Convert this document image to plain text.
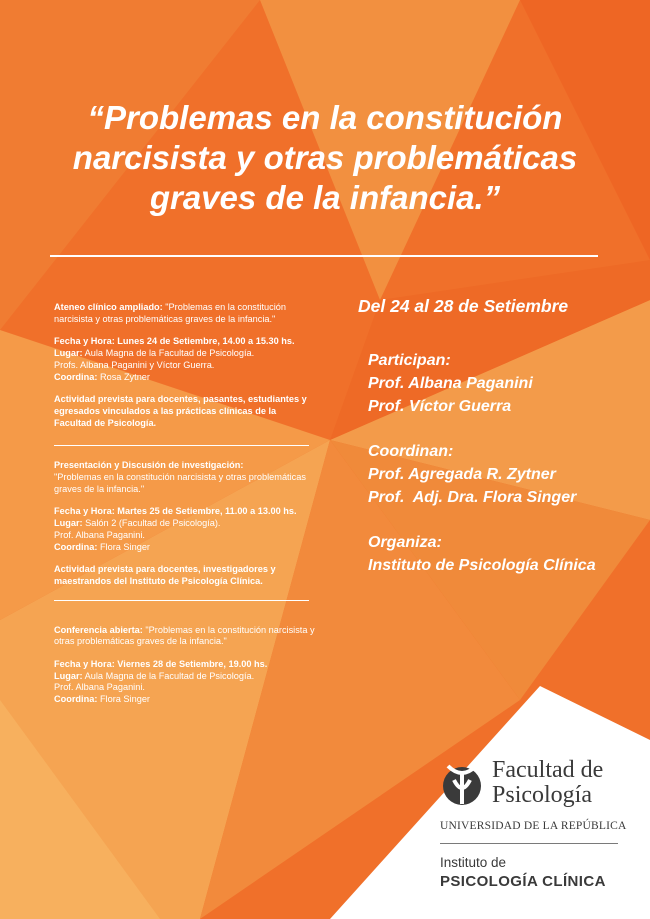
“Problemas en la constitución
narcisista y otras problemáticas
graves de la infancia.”

Ateneo clínico ampliado: "Problemas en la constitución narcisista y otras problemáticas graves de la infancia."

Fecha y Hora: Lunes 24 de Setiembre, 14.00 a 15.30 hs.

Lugar: Aula Magna de la Facultad de Psicología.

Profs. Albana Paganini y Víctor Guerra.

Coordina: Rosa Zytner

Actividad prevista para docentes, pasantes, estudiantes y egresados vinculados a las prácticas clínicas de la Facultad de Psicología.

Presentación y Discusión de investigación:

"Problemas en la constitución narcisista y otras problemáticas graves de la infancia."

Fecha y Hora: Martes 25 de Setiembre, 11.00 a 13.00 hs.

Lugar: Salón 2 (Facultad de Psicología).

Prof. Albana Paganini.

Coordina: Flora Singer

Actividad prevista para docentes, investigadores y maestrandos del Instituto de Psicología Clínica.

Conferencia abierta: "Problemas en la constitución narcisista y otras problemáticas graves de la infancia."

Fecha y Hora: Viernes 28 de Setiembre, 19.00 hs.

Lugar: Aula Magna de la Facultad de Psicología.

Prof. Albana Paganini.

Coordina: Flora Singer

Del 24 al 28 de Setiembre

Participan:

Prof. Albana Paganini

Prof. Víctor Guerra

Coordinan:

Prof. Agregada R. Zytner

Prof.  Adj. Dra. Flora Singer

Organiza:

Instituto de Psicología Clínica

Facultad de
Psicología
UNIVERSIDAD DE LA REPÚBLICA
Instituto de
PSICOLOGÍA CLÍNICA
